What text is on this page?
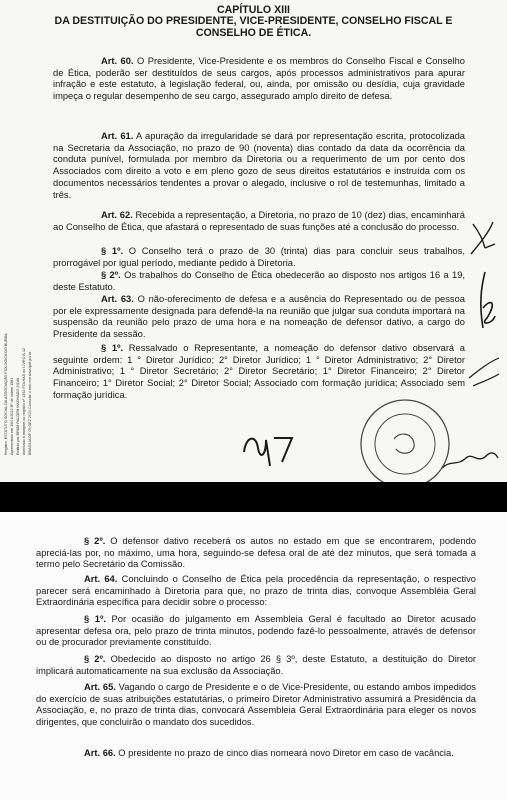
CAPÍTULO XIII
DA DESTITUIÇÃO DO PRESIDENTE, VICE-PRESIDENTE, CONSELHO FISCAL E
CONSELHO DE ÉTICA.

Art. 60. O Presidente, Vice-Presidente e os membros do Conselho Fiscal e Conselho de Ética, poderão ser destituídos de seus cargos, após processos administrativos para apurar infração e este estatuto, à legislação federal, ou, ainda, por omissão ou desídia, cuja gravidade impeça o regular desempenho de seu cargo, assegurado amplo direito de defesa.

Art. 61. A apuração da irregularidade se dará por representação escrita, protocolizada na Secretaria da Associação, no prazo de 90 (noventa) dias contado da data da ocorrência da conduta punível, formulada por membro da Diretoria ou a requerimento de um por cento dos Associados com direito a voto e em pleno gozo de seus direitos estatutários e instruída com os documentos necessários tendentes a provar o alegado, inclusive o rol de testemunhas, limitado a três.

Art. 62. Recebida a representação, a Diretoria, no prazo de 10 (dez) dias, encaminhará ao Conselho de Ética, que afastará o representado de suas funções até a conclusão do processo.

§ 1º. O Conselho terá o prazo de 30 (trinta) dias para concluir seus trabalhos, prorrogável por igual período, mediante pedido à Diretoria.

§ 2º. Os trabalhos do Conselho de Ética obedecerão ao disposto nos artigos 16 a 19, deste Estatuto.

Art. 63. O não-oferecimento de defesa e a ausência do Representado ou de pessoa por ele expressamente designada para defendê-la na reunião que julgar sua conduta importará na suspensão da reunião pelo prazo de uma hora e na nomeação de defensor dativo, a cargo do Presidente da sessão.

§ 1º. Ressalvado o Representante, a nomeação do defensor dativo observará a seguinte ordem: 1 ° Diretor Jurídico; 2° Diretor Jurídico; 1 ° Diretor Administrativo; 2° Diretor Administrativo; 1 ° Diretor Secretário; 2° Diretor Secretário; 1° Diretor Financeiro; 2° Diretor Financeiro; 1° Diretor Social; 2° Diretor Social; Associado com formação jurídica; Associado sem formação jurídica.

Registro: ESTATUTO SOCIAL DA ASSOCIAÇÃO FIOLOGICA DO BURBA Apresentado em 19/01/2022 Nº de ordem 1581 Emitido por BRAM RALDEN MACHADO SILVA Averbado à margem do registro nº 1392 FOLHAS do LIVRO A-12 BRASÍLIA DF 03 DEZ 2021 Consulte o selo em www.tjdft.jus.br

§ 2º. O defensor dativo receberá os autos no estado em que se encontrarem, podendo apreciá-las por, no máximo, uma hora, seguindo-se defesa oral de até dez minutos, que será tomada a termo pelo Secretário da Comissão.

Art. 64. Concluindo o Conselho de Ética pela procedência da representação, o respectivo parecer será encaminhado à Diretoria para que, no prazo de trinta dias, convoque Assembléia Geral Extraordinária específica para decidir sobre o processo:

§ 1º. Por ocasião do julgamento em Assembleia Geral é facultado ao Diretor acusado apresentar defesa ora, pelo prazo de trinta minutos, podendo fazê-lo pessoalmente, através de defensor ou de procurador previamente constituído.

§ 2º. Obedecido ao disposto no artigo 26 § 3º, deste Estatuto, a destituição do Diretor implicará automaticamente na sua exclusão da Associação.

Art. 65. Vagando o cargo de Presidente e o de Vice-Presidente, ou estando ambos impedidos do exercício de suas atribuições estatutárias, o primeiro Diretor Administrativo assumirá a Presidência da Associação, e, no prazo de trinta dias, convocará Assembleia Geral Extraordinária para eleger os novos dirigentes, que concluirão o mandato dos sucedidos.

Art. 66. O presidente no prazo de cinco dias nomeará novo Diretor em caso de vacância.
